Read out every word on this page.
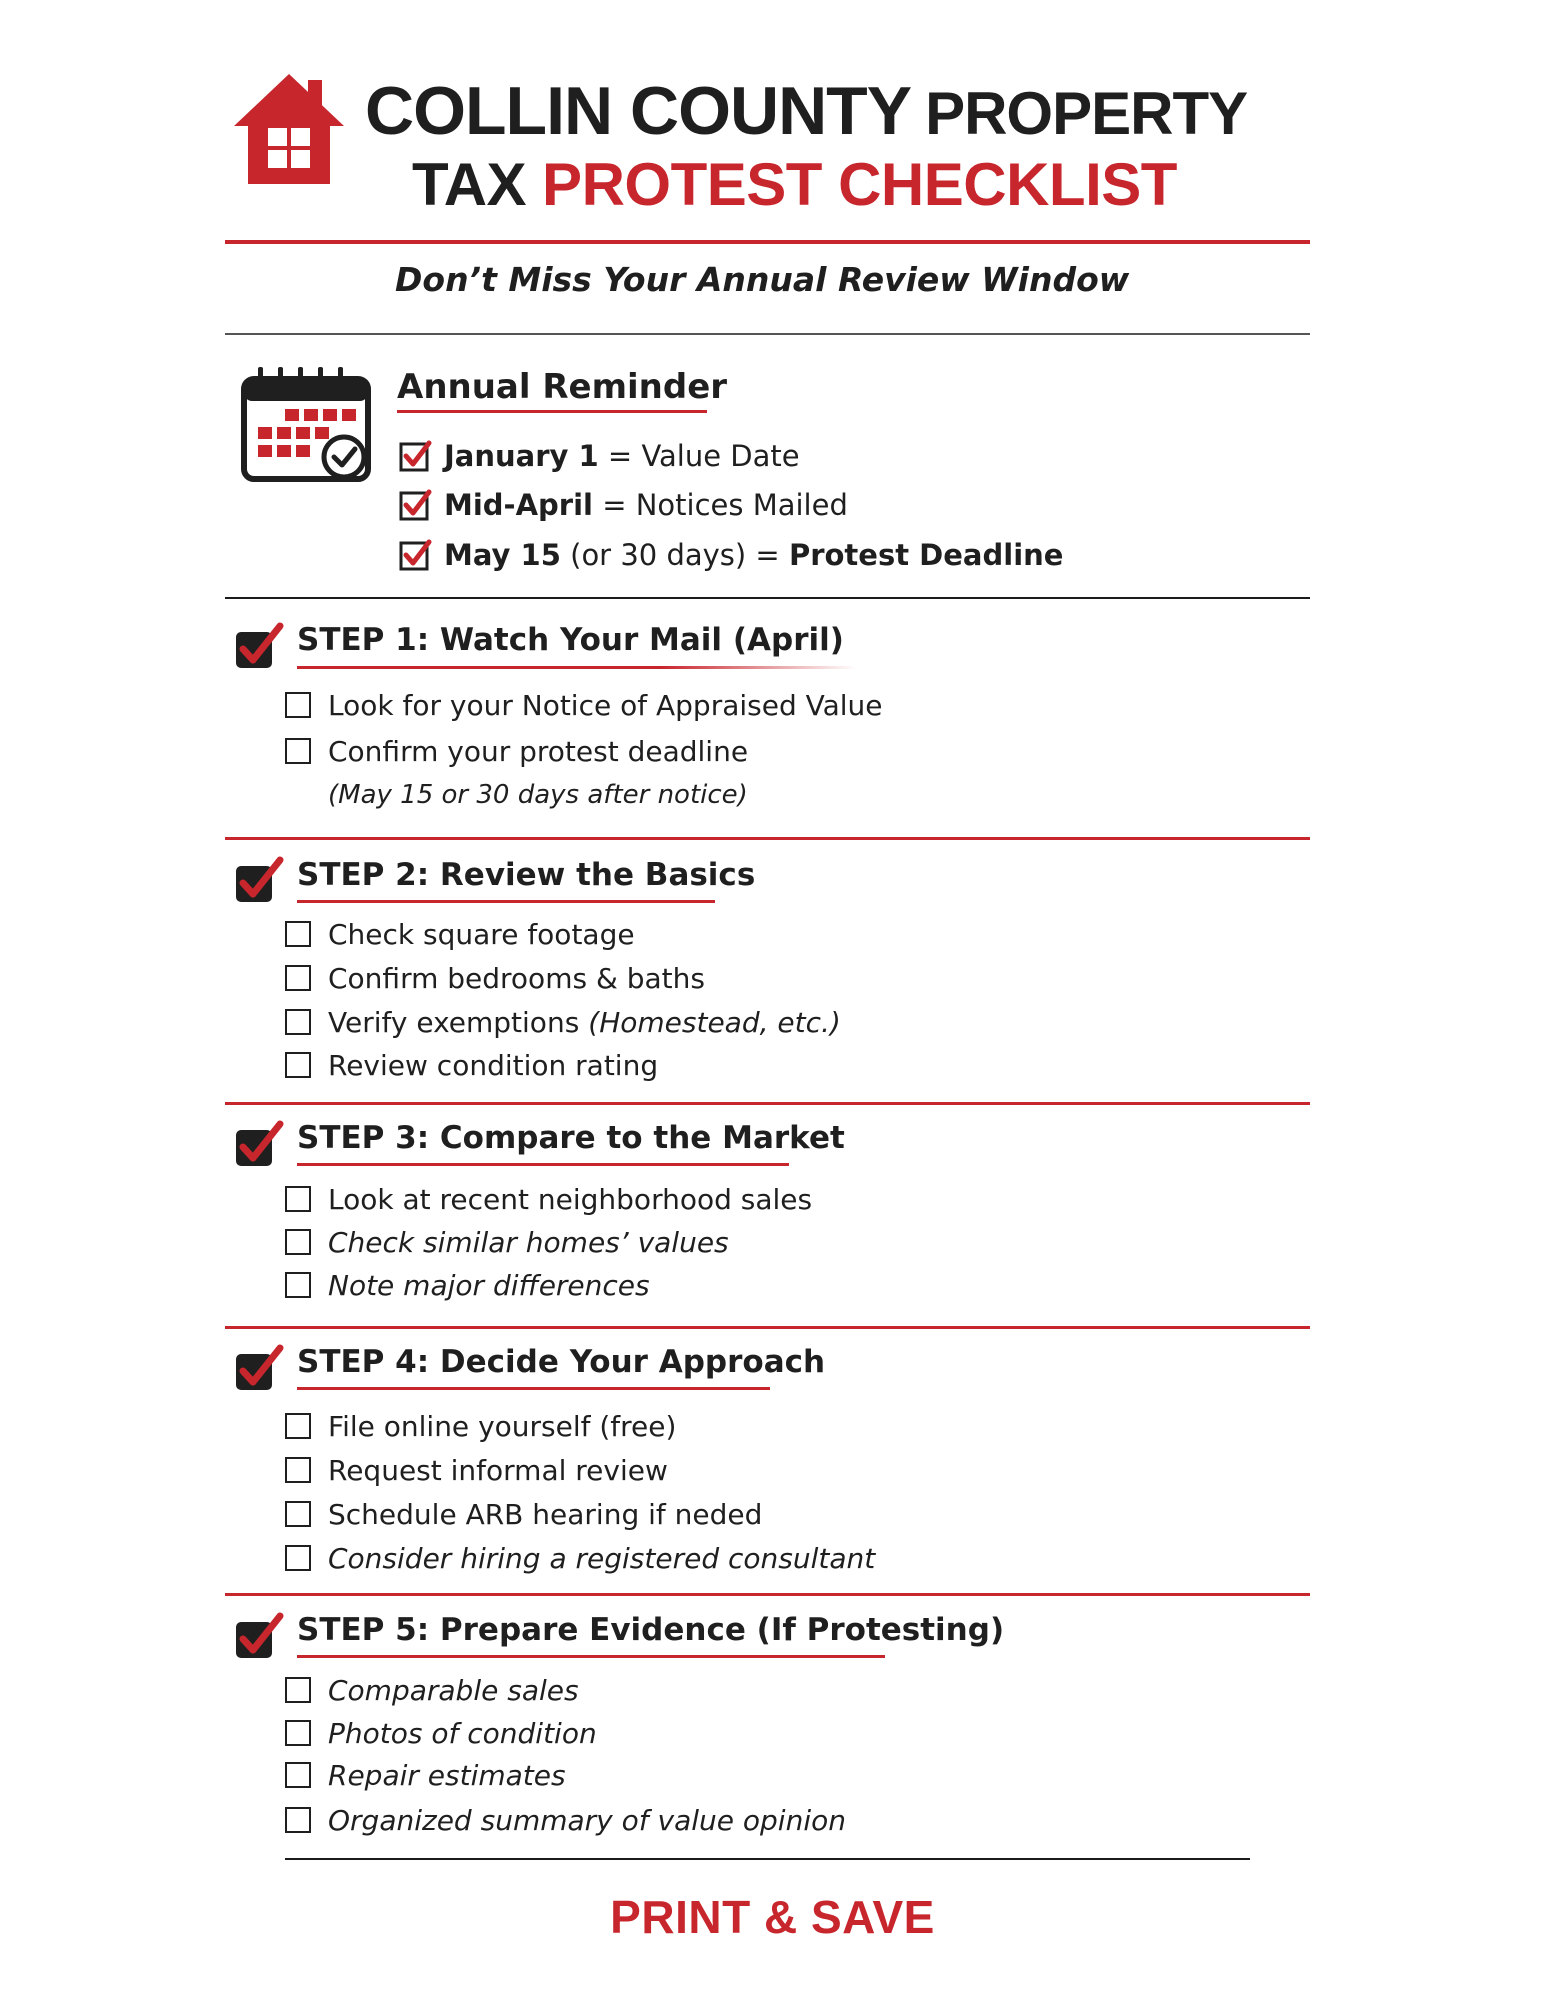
COLLIN COUNTY PROPERTY
TAX PROTEST CHECKLIST
Don’t Miss Your Annual Review Window
Annual Reminder
January 1 = Value Date
Mid-April = Notices Mailed
May 15 (or 30 days) = Protest Deadline
STEP 1: Watch Your Mail (April)
Look for your Notice of Appraised Value
Confirm your protest deadline
(May 15 or 30 days after notice)
STEP 2: Review the Basics
Check square footage
Confirm bedrooms & baths
Verify exemptions (Homestead, etc.)
Review condition rating
STEP 3: Compare to the Market
Look at recent neighborhood sales
Check similar homes’ values
Note major differences
STEP 4: Decide Your Approach
File online yourself (free)
Request informal review
Schedule ARB hearing if neded
Consider hiring a registered consultant
STEP 5: Prepare Evidence (If Protesting)
Comparable sales
Photos of condition
Repair estimates
Organized summary of value opinion
PRINT & SAVE
